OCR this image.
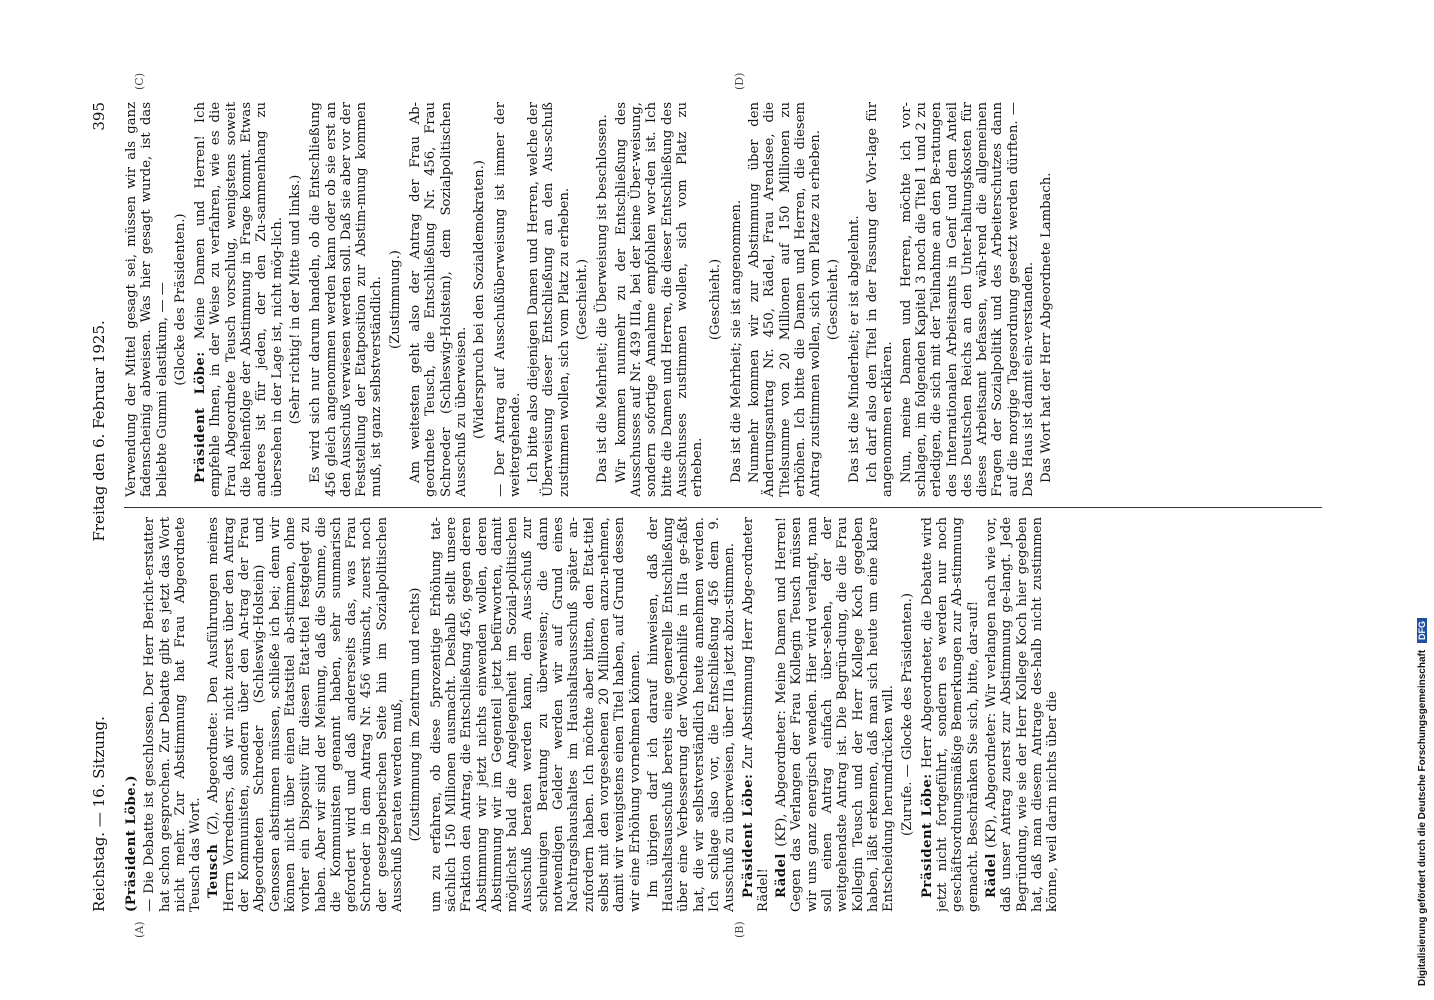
Reichstag. — 16. Sitzung.
Freitag den 6. Februar 1925.  395

(Präsident Löbe.) — Die Debatte ist geschlossen. Der Herr Bericht-erstatter hat schon gesprochen. Zur Debatte gibt es jetzt das Wort nicht mehr. Zur Abstimmung hat Frau Abgeordnete Teusch das Wort. Teusch (Z), Abgeordnete: Den Ausführungen meines Herrn Vorredners, daß wir nicht zuerst über den Antrag der Kommunisten, sondern über den An-trag der Frau Abgeordneten Schroeder (Schleswig-Holstein) und Genossen abstimmen müssen, schließe ich bei; denn wir können nicht über einen Etatstitel ab-stimmen, ohne vorher ein Dispositiv für diesen Etat-titel festgelegt zu haben. Aber wir sind der Meinung, daß die Summe, die die Kommunisten genannt haben, sehr summarisch gefordert wird und daß andererseits das, was Frau Schroeder in dem Antrag Nr. 456 wünscht, zuerst noch der gesetzgeberischen Seite hin im Sozialpolitischen Ausschuß beraten werden muß, (Zustimmung im Zentrum und rechts) um zu erfahren, ob diese 5prozentige Erhöhung tat-sächlich 150 Millionen ausmacht. Deshalb stellt unsere Fraktion den Antrag, die Entschließung 456, gegen deren Abstimmung wir jetzt nichts einwenden wollen, deren Abstimmung wir im Gegenteil jetzt befürworten, damit möglichst bald die Angelegenheit im Sozial-politischen Ausschuß beraten werden kann, dem Aus-schuß zur schleunigen Beratung zu überweisen; die dann notwendigen Gelder werden wir auf Grund eines Nachtragshaushaltes im Haushaltsausschuß später an-zufordern haben. Ich möchte aber bitten, den Etat-titel selbst mit den vorgesehenen 20 Millionen anzu-nehmen, damit wir wenigstens einen Titel haben, auf Grund dessen wir eine Erhöhung vornehmen können. Im übrigen darf ich darauf hinweisen, daß der Haushaltsausschuß bereits eine generelle Entschließung über eine Verbesserung der Wochenhilfe in IIIa ge-faßt hat, die wir selbstverständlich heute annehmen werden. Ich schlage also vor, die Entschließung 456 dem 9. Ausschuß zu überweisen, über IIIa jetzt abzu-stimmen. Präsident Löbe: Zur Abstimmung Herr Abge-ordneter Rädel! Rädel (KP), Abgeordneter: Meine Damen und Herren! Gegen das Verlangen der Frau Kollegin Teusch müssen wir uns ganz energisch wenden. Hier wird verlangt, man soll einen Antrag einfach über-sehen, der der weitgehendste Antrag ist. Die Begrün-dung, die die Frau Kollegin Teusch und der Herr Kollege Koch gegeben haben, läßt erkennen, daß man sich heute um eine klare Entscheidung herumdrücken will. (Zurufe. — Glocke des Präsidenten.) Präsident Löbe: Herr Abgeordneter, die Debatte wird jetzt nicht fortgeführt, sondern es werden nur noch geschäftsordnungsmäßige Bemerkungen zur Ab-stimmung gemacht. Beschränken Sie sich, bitte, dar-auf! Rädel (KP), Abgeordneter: Wir verlangen nach wie vor, daß unser Antrag zuerst zur Abstimmung ge-langt. Jede Begründung, wie sie der Herr Kollege Koch hier gegeben hat, daß man diesem Antrage des-halb nicht zustimmen könne, weil darin nichts über die

Verwendung der Mittel gesagt sei, müssen wir als ganz fadenscheinig abweisen. Was hier gesagt wurde, ist das beliebte Gummi elastikum, — — (Glocke des Präsidenten.)

Präsident Löbe: Meine Damen und Herren! Ich empfehle Ihnen, in der Weise zu verfahren, wie es die Frau Abgeordnete Teusch vorschlug, wenigstens soweit die Reihenfolge der Abstimmung in Frage kommt. Etwas anderes ist für jeden, der den Zu-sammenhang zu übersehen in der Lage ist, nicht mög-lich. (Sehr richtig! in der Mitte und links.) Es wird sich nur darum handeln, ob die Entschließung 456 gleich angenommen werden kann oder ob sie erst an den Ausschuß verwiesen werden soll. Daß sie aber vor der Feststellung der Etatposition zur Abstim-mung kommen muß, ist ganz selbstverständlich. (Zustimmung.) Am weitesten geht also der Antrag der Frau Ab-geordnete Teusch, die Entschließung Nr. 456, Frau Schroeder (Schleswig-Holstein), dem Sozialpolitischen Ausschuß zu überweisen. (Widerspruch bei den Sozialdemokraten.) — Der Antrag auf Ausschußüberweisung ist immer der weitergehende. Ich bitte also diejenigen Damen und Herren, welche der Überweisung dieser Entschließung an den Aus-schuß zustimmen wollen, sich vom Platz zu erheben. (Geschieht.) Das ist die Mehrheit; die Überweisung ist beschlossen. Wir kommen nunmehr zu der Entschließung des Ausschusses auf Nr. 439 IIIa, bei der keine Über-weisung, sondern sofortige Annahme empfohlen wor-den ist. Ich bitte die Damen und Herren, die dieser Entschließung des Ausschusses zustimmen wollen, sich vom Platz zu erheben.

(Geschieht.) Das ist die Mehrheit; sie ist angenommen. Nunmehr kommen wir zur Abstimmung über den Änderungsantrag Nr. 450, Rädel, Frau Arendsee, die Titelsumme von 20 Millionen auf 150 Millionen zu erhöhen. Ich bitte die Damen und Herren, die diesem Antrag zustimmen wollen, sich vom Platze zu erheben. (Geschieht.) Das ist die Minderheit; er ist abgelehnt. Ich darf also den Titel in der Fassung der Vor-lage für angenommen erklären. Nun, meine Damen und Herren, möchte ich vor-schlagen, im folgenden Kapitel 3 noch die Titel 1 und 2 zu erledigen, die sich mit der Teilnahme an den Be-ratungen des Internationalen Arbeitsamts in Genf und dem Anteil des Deutschen Reichs an den Unter-haltungskosten für dieses Arbeitsamt befassen, wäh-rend die allgemeinen Fragen der Sozialpolitik und des Arbeiterschutzes dann auf die morgige Tagesordnung gesetzt werden dürften. — Das Haus ist damit ein-verstanden. Das Wort hat der Herr Abgeordnete Lambach.

(A)	(B)
(C)	(D)
Digitalisierung gefördert durch die Deutsche Forschungsgemeinschaft DFG
